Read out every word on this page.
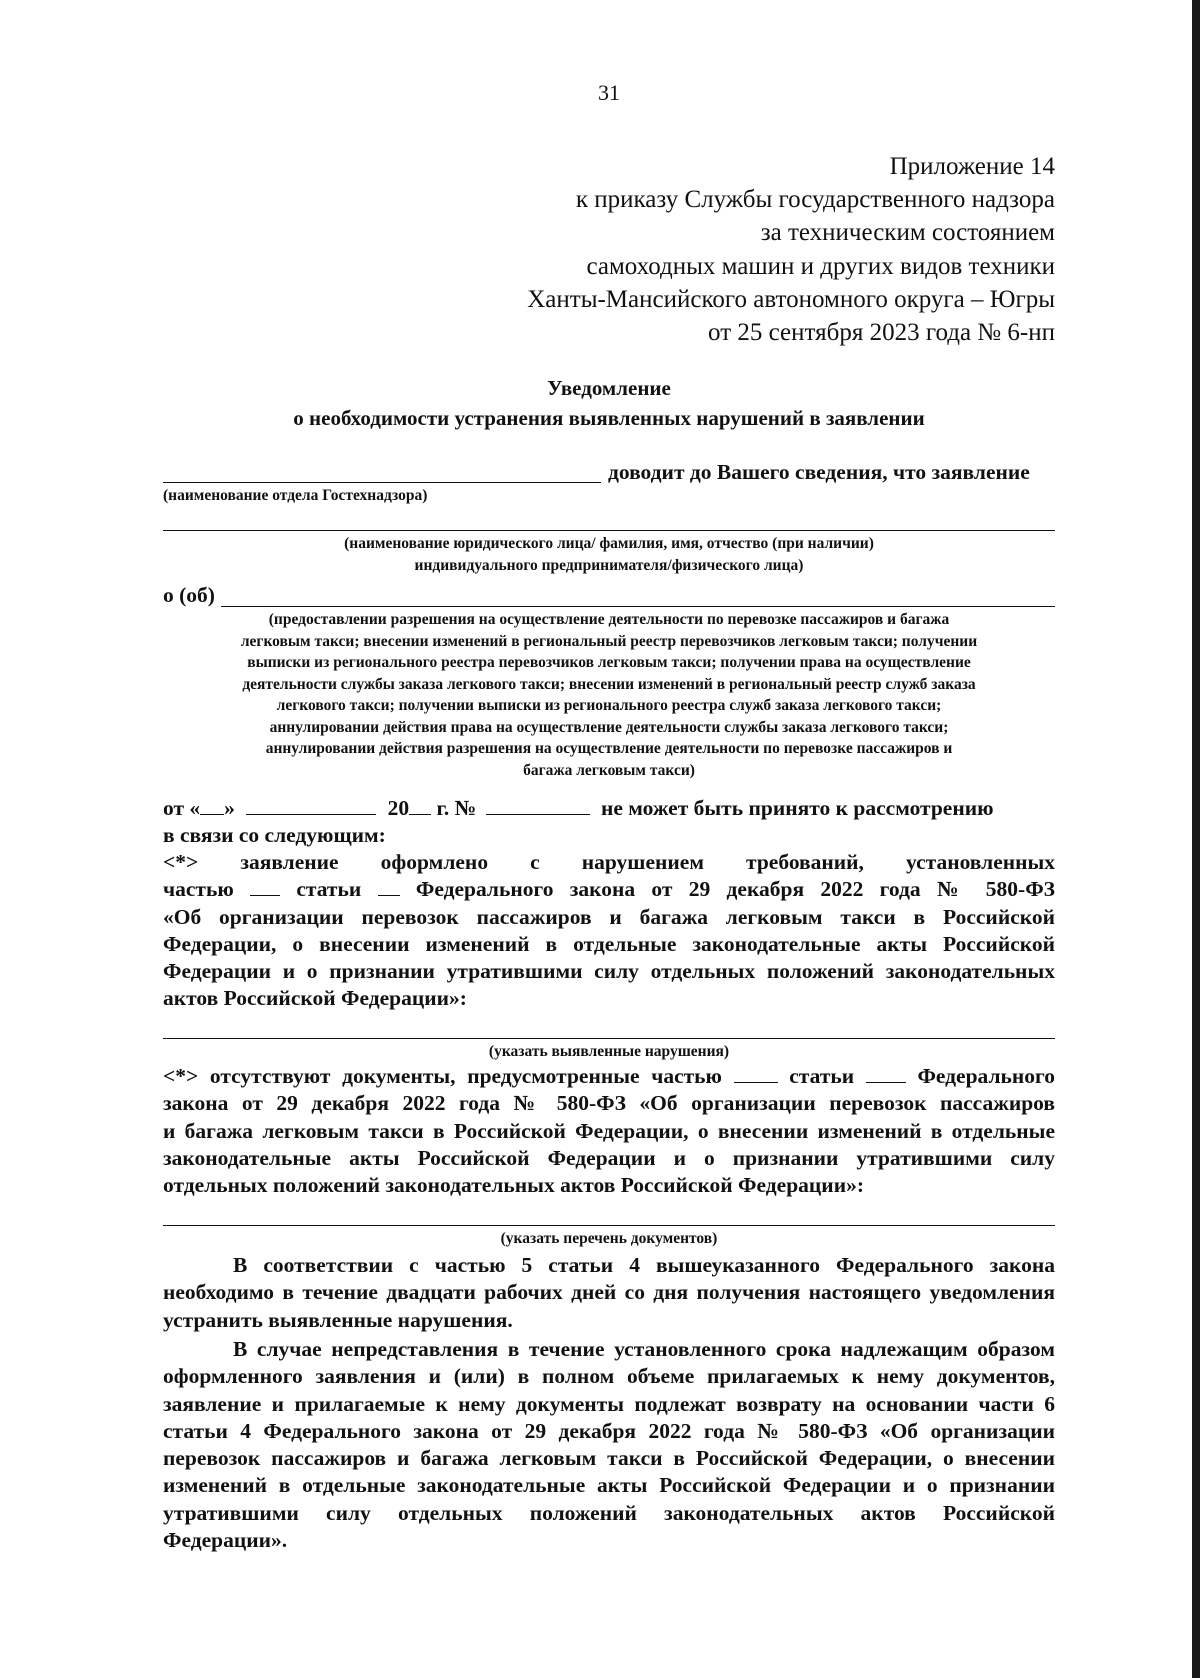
31
Приложение 14
к приказу Службы государственного надзора
за техническим состоянием
самоходных машин и других видов техники
Ханты-Мансийского автономного округа – Югры
от 25 сентября 2023 года № 6-нп
Уведомление
о необходимости устранения выявленных нарушений в заявлении
доводит до Вашего сведения, что заявление
(наименование отдела Гостехнадзора)
(наименование юридического лица/ фамилия, имя, отчество (при наличии)
индивидуального предпринимателя/физического лица)
о (об)
(предоставлении разрешения на осуществление деятельности по перевозке пассажиров и багажа
легковым такси; внесении изменений в региональный реестр перевозчиков легковым такси; получении
выписки из регионального реестра перевозчиков легковым такси; получении права на осуществление
деятельности службы заказа легкового такси; внесении изменений в региональный реестр служб заказа
легкового такси; получении выписки из регионального реестра служб заказа легкового такси;
аннулировании действия права на осуществление деятельности службы заказа легкового такси;
аннулировании действия разрешения на осуществление деятельности по перевозке пассажиров и
багажа легковым такси)
от « »	20 г. №	не может быть принято к рассмотрению
в связи со следующим:
<*> заявление оформлено с нарушением требований, установленных
частью	статьи	Федерального закона от 29 декабря 2022 года № 580-ФЗ
«Об организации перевозок пассажиров и багажа легковым такси в Российской
Федерации, о внесении изменений в отдельные законодательные акты Российской
Федерации и о признании утратившими силу отдельных положений законодательных
актов Российской Федерации»:
(указать выявленные нарушения)
<*> отсутствуют документы, предусмотренные частью	статьи	Федерального
закона от 29 декабря 2022 года № 580-ФЗ «Об организации перевозок пассажиров
и багажа легковым такси в Российской Федерации, о внесении изменений в отдельные
законодательные акты Российской Федерации и о признании утратившими силу
отдельных положений законодательных актов Российской Федерации»:
(указать перечень документов)
В соответствии с частью 5 статьи 4 вышеуказанного Федерального закона
необходимо в течение двадцати рабочих дней со дня получения настоящего уведомления
устранить выявленные нарушения.
В случае непредставления в течение установленного срока надлежащим образом
оформленного заявления и (или) в полном объеме прилагаемых к нему документов,
заявление и прилагаемые к нему документы подлежат возврату на основании части 6
статьи 4 Федерального закона от 29 декабря 2022 года № 580-ФЗ «Об организации
перевозок пассажиров и багажа легковым такси в Российской Федерации, о внесении
изменений в отдельные законодательные акты Российской Федерации и о признании
утратившими силу отдельных положений законодательных актов Российской
Федерации».
